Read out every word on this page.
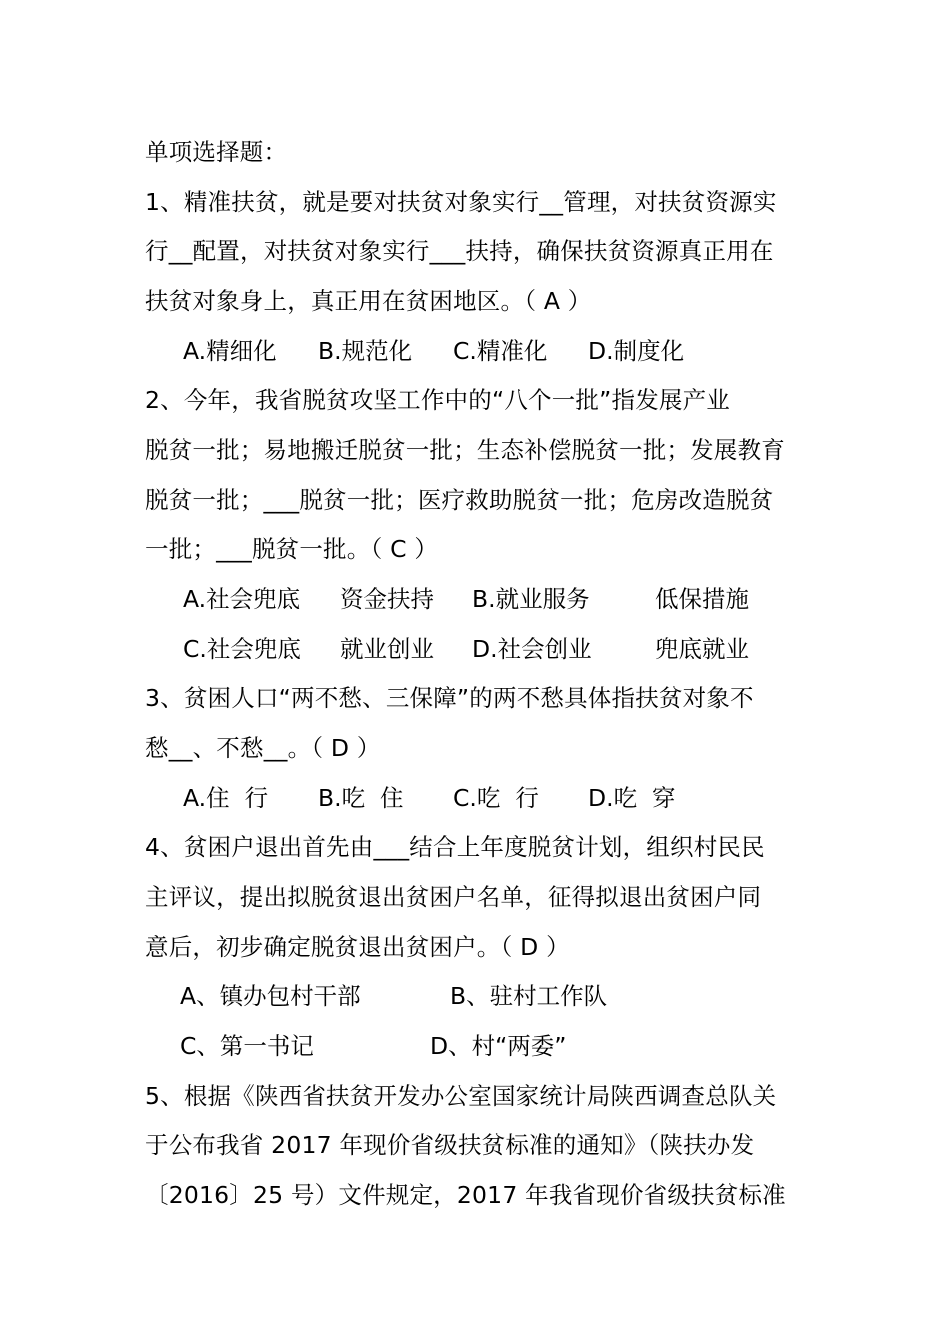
单项选择题：
1、精准扶贫，就是要对扶贫对象实行__管理，对扶贫资源实
行__配置，对扶贫对象实行___扶持，确保扶贫资源真正用在
扶贫对象身上，真正用在贫困地区。（ A ）
A.精细化 B.规范化 C.精准化 D.制度化
2、今年，我省脱贫攻坚工作中的“八个一批”指发展产业
脱贫一批；易地搬迁脱贫一批；生态补偿脱贫一批；发展教育
脱贫一批；___脱贫一批；医疗救助脱贫一批；危房改造脱贫
一批；___脱贫一批。（ C ）
A.社会兜底 资金扶持 B.就业服务	低保措施
C.社会兜底 就业创业 D.社会创业	兜底就业
3、贫困人口“两不愁、三保障”的两不愁具体指扶贫对象不
愁__、不愁__。（ D ）
A.住  行 B.吃  住 C.吃  行 D.吃  穿
4、贫困户退出首先由___结合上年度脱贫计划，组织村民民
主评议，提出拟脱贫退出贫困户名单，征得拟退出贫困户同
意后，初步确定脱贫退出贫困户。（ D ）
A、镇办包村干部	B、驻村工作队
C、第一书记	D、村“两委”
5、根据《陕西省扶贫开发办公室国家统计局陕西调查总队关
于公布我省 2017 年现价省级扶贫标准的通知》（陕扶办发
〔2016〕25 号）文件规定，2017 年我省现价省级扶贫标准
